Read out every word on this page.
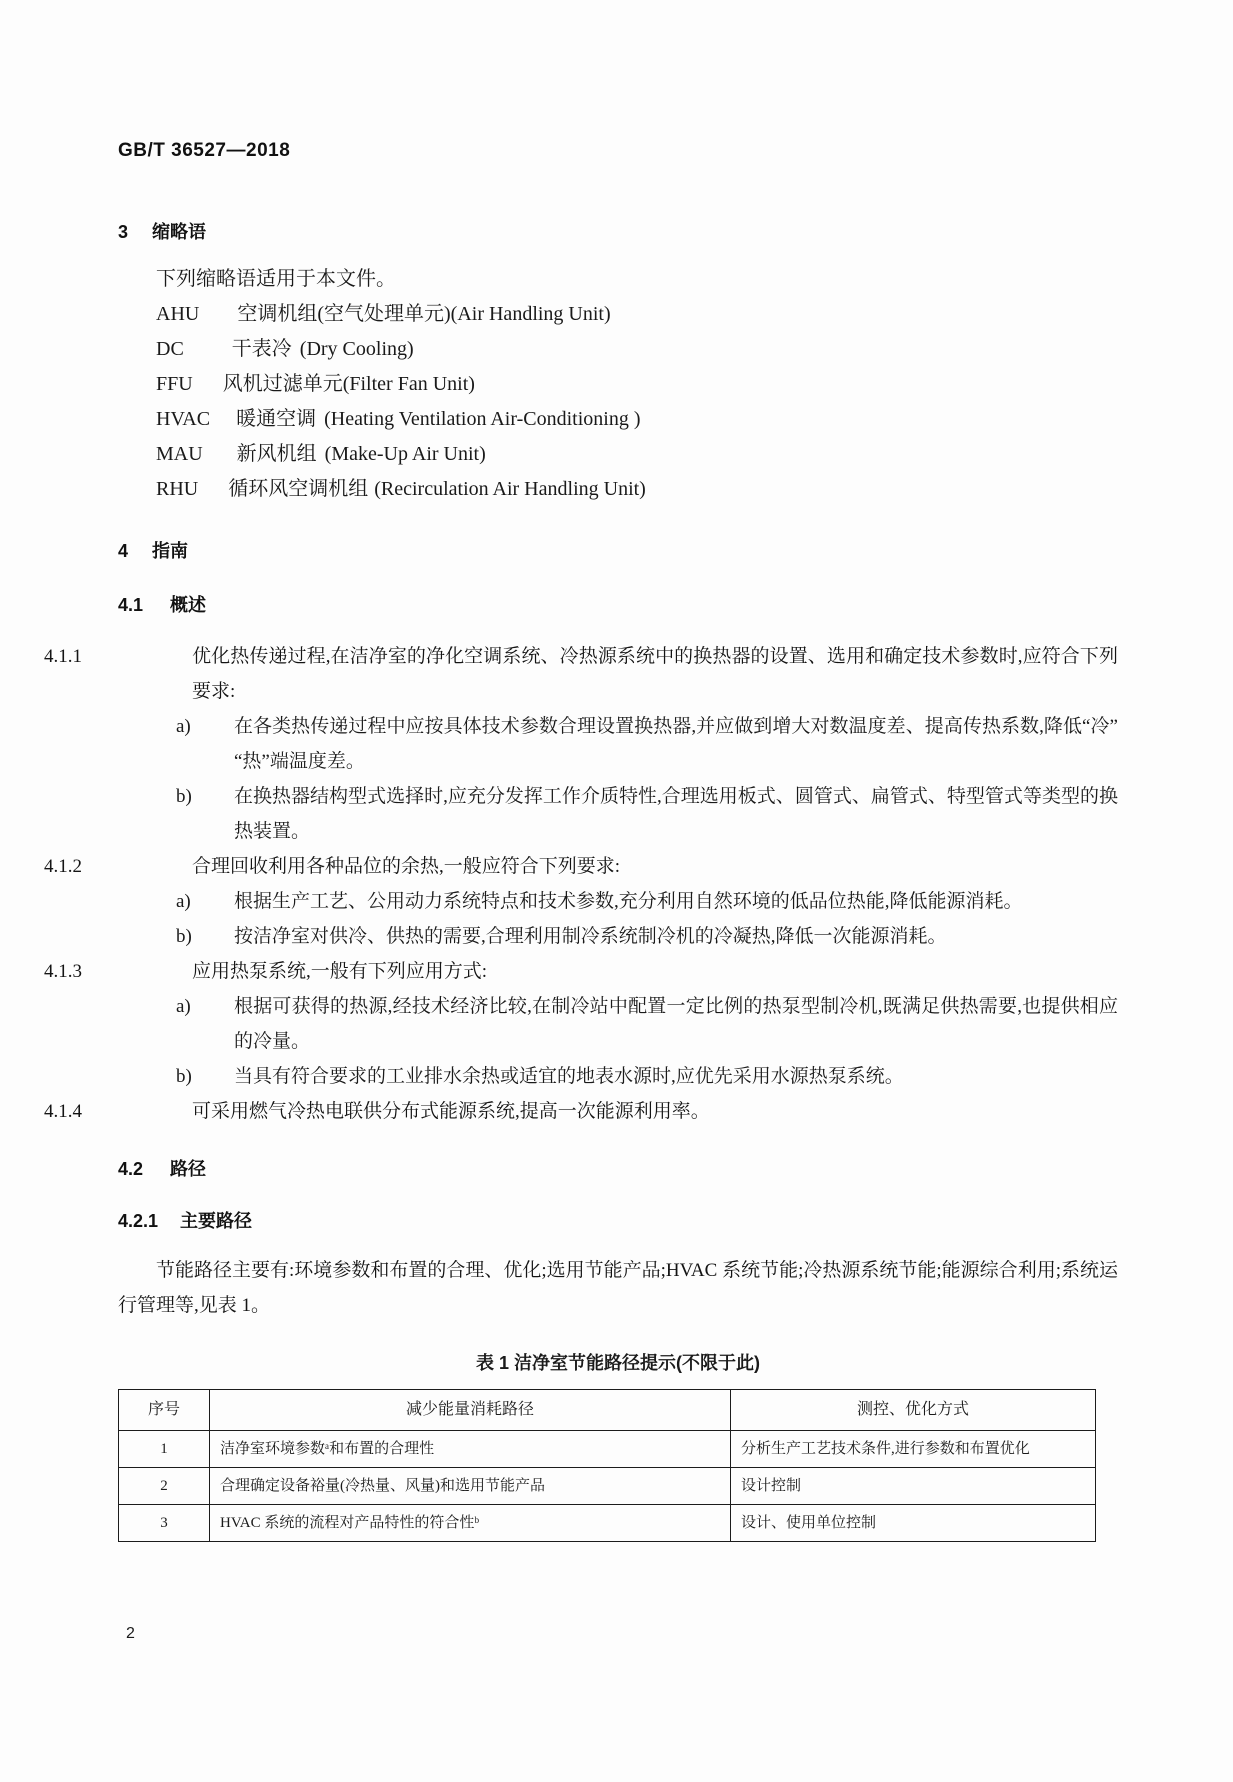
GB/T 36527—2018
3 缩略语
下列缩略语适用于本文件。
AHU 空调机组(空气处理单元)(Air Handling Unit)
DC 干表冷 (Dry Cooling)
FFU 风机过滤单元(Filter Fan Unit)
HVAC 暖通空调 (Heating Ventilation Air-Conditioning )
MAU 新风机组 (Make-Up Air Unit)
RHU 循环风空调机组 (Recirculation Air Handling Unit)
4 指南
4.1 概述
4.1.1	优化热传递过程,在洁净室的净化空调系统、冷热源系统中的换热器的设置、选用和确定技术参数时,应符合下列要求:
a)	在各类热传递过程中应按具体技术参数合理设置换热器,并应做到增大对数温度差、提高传热系数,降低“冷”“热”端温度差。
b)	在换热器结构型式选择时,应充分发挥工作介质特性,合理选用板式、圆管式、扁管式、特型管式等类型的换热装置。
4.1.2	合理回收利用各种品位的余热,一般应符合下列要求:
a)	根据生产工艺、公用动力系统特点和技术参数,充分利用自然环境的低品位热能,降低能源消耗。
b)	按洁净室对供冷、供热的需要,合理利用制冷系统制冷机的冷凝热,降低一次能源消耗。
4.1.3	应用热泵系统,一般有下列应用方式:
a)	根据可获得的热源,经技术经济比较,在制冷站中配置一定比例的热泵型制冷机,既满足供热需要,也提供相应的冷量。
b)	当具有符合要求的工业排水余热或适宜的地表水源时,应优先采用水源热泵系统。
4.1.4	可采用燃气冷热电联供分布式能源系统,提高一次能源利用率。
4.2 路径
4.2.1 主要路径
节能路径主要有:环境参数和布置的合理、优化;选用节能产品;HVAC 系统节能;冷热源系统节能;能源综合利用;系统运行管理等,见表 1。
表 1 洁净室节能路径提示(不限于此)
序号	减少能量消耗路径	测控、优化方式
1	洁净室环境参数ᵃ和布置的合理性	分析生产工艺技术条件,进行参数和布置优化
2	合理确定设备裕量(冷热量、风量)和选用节能产品	设计控制
3	HVAC 系统的流程对产品特性的符合性ᵇ	设计、使用单位控制
2
